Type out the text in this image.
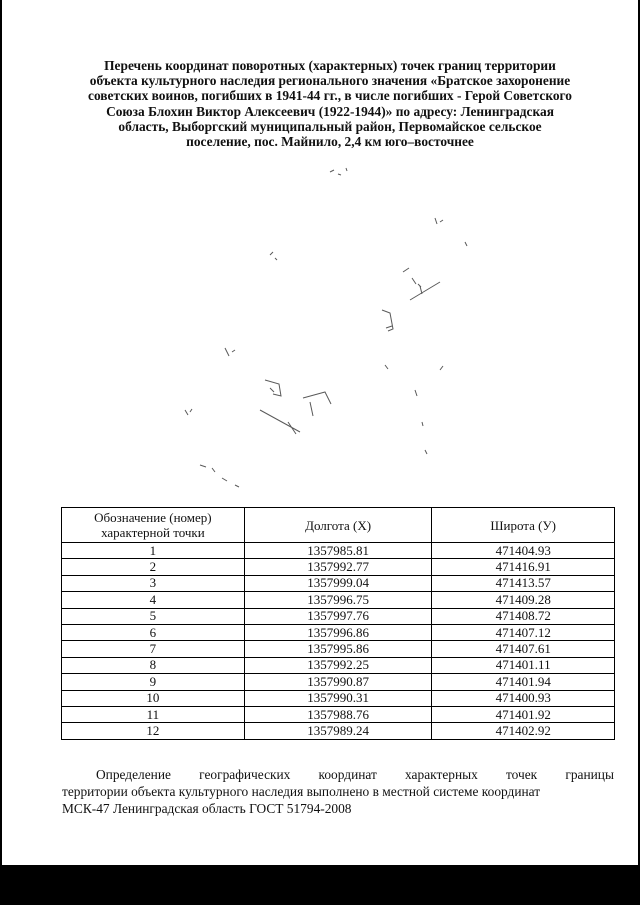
Перечень координат поворотных (характерных) точек границ территории
объекта культурного наследия регионального значения «Братское захоронение
советских воинов, погибших в 1941-44 гг., в числе погибших - Герой Советского
Союза Блохин Виктор Алексеевич (1922-1944)» по адресу: Ленинградская
область, Выборгский муниципальный район, Первомайское сельское
поселение, пос. Майнило, 2,4 км юго–восточнее
Обозначение (номер) характерной точки	Долгота (X)	Широта (У)
1	1357985.81	471404.93
2	1357992.77	471416.91
3	1357999.04	471413.57
4	1357996.75	471409.28
5	1357997.76	471408.72
6	1357996.86	471407.12
7	1357995.86	471407.61
8	1357992.25	471401.11
9	1357990.87	471401.94
10	1357990.31	471400.93
11	1357988.76	471401.92
12	1357989.24	471402.92
Определение географических координат характерных точек границы
территории объекта культурного наследия выполнено в местной системе координат
МСК-47 Ленинградская область ГОСТ 51794-2008
